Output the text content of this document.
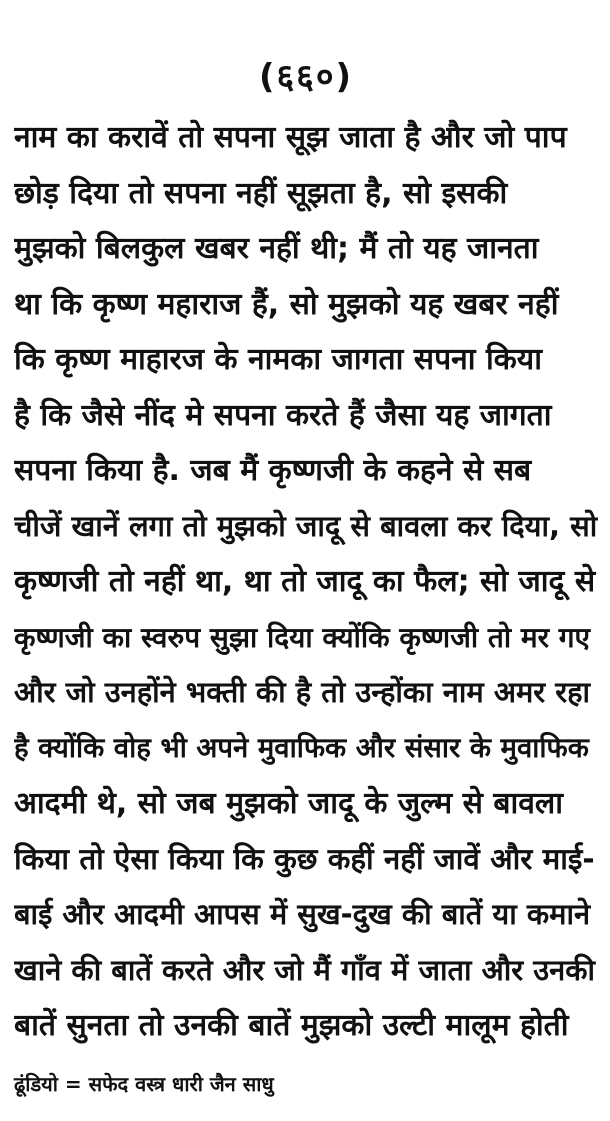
(६६०)
नाम का करावें तो सपना सूझ जाता है और जो पाप
छोड़ दिया तो सपना नहीं सूझता है, सो इसकी
मुझको बिलकुल खबर नहीं थी; मैं तो यह जानता
था कि कृष्ण महाराज हैं, सो मुझको यह खबर नहीं
कि कृष्ण माहारज के नामका जागता सपना किया
है कि जैसे नींद मे सपना करते हैं जैसा यह जागता
सपना किया है. जब मैं कृष्णजी के कहने से सब
चीजें खानें लगा तो मुझको जादू से बावला कर दिया, सो
कृष्णजी तो नहीं था, था तो जादू का फैल; सो जादू से
कृष्णजी का स्वरुप सुझा दिया क्योंकि कृष्णजी तो मर गए
और जो उनहोंने भक्ती की है तो उन्होंका नाम अमर रहा
है क्योंकि वोह भी अपने मुवाफिक और संसार के मुवाफिक
आदमी थे, सो जब मुझको जादू के जुल्म से बावला
किया तो ऐसा किया कि कुछ कहीं नहीं जावें और माई-
बाई और आदमी आपस में सुख-दुख की बातें या कमाने
खाने की बातें करते और जो मैं गाँव में जाता और उनकी
बातें सुनता तो उनकी बातें मुझको उल्टी मालूम होती
ढूंडियो = सफेद वस्त्र धारी जैन साधु
